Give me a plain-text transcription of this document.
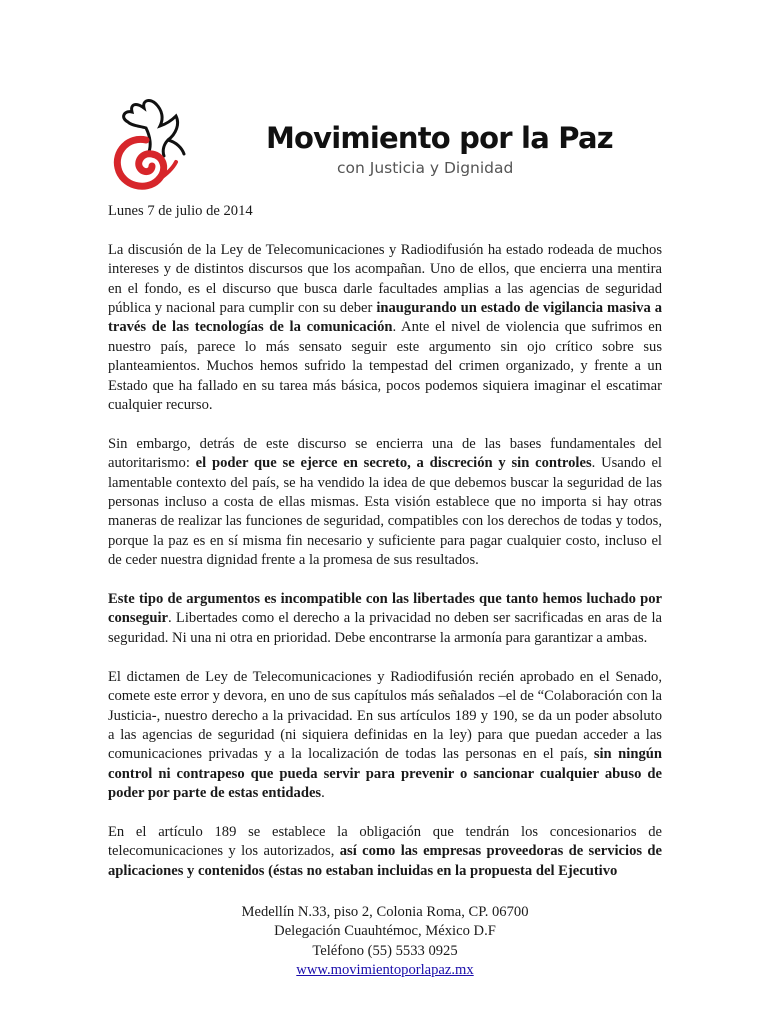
Movimiento por la Paz

con Justicia y Dignidad

Lunes 7 de julio de 2014

La discusión de la Ley de Telecomunicaciones y Radiodifusión ha estado rodeada de muchos intereses y de distintos discursos que los acompañan. Uno de ellos, que encierra una mentira en el fondo, es el discurso que busca darle facultades amplias a las agencias de seguridad pública y nacional para cumplir con su deber inaugurando un estado de vigilancia masiva a través de las tecnologías de la comunicación. Ante el nivel de violencia que sufrimos en nuestro país, parece lo más sensato seguir este argumento sin ojo crítico sobre sus planteamientos. Muchos hemos sufrido la tempestad del crimen organizado, y frente a un Estado que ha fallado en su tarea más básica, pocos podemos siquiera imaginar el escatimar cualquier recurso.

Sin embargo, detrás de este discurso se encierra una de las bases fundamentales del autoritarismo: el poder que se ejerce en secreto, a discreción y sin controles. Usando el lamentable contexto del país, se ha vendido la idea de que debemos buscar la seguridad de las personas incluso a costa de ellas mismas. Esta visión establece que no importa si hay otras maneras de realizar las funciones de seguridad, compatibles con los derechos de todas y todos, porque la paz es en sí misma fin necesario y suficiente para pagar cualquier costo, incluso el de ceder nuestra dignidad frente a la promesa de sus resultados.

Este tipo de argumentos es incompatible con las libertades que tanto hemos luchado por conseguir. Libertades como el derecho a la privacidad no deben ser sacrificadas en aras de la seguridad. Ni una ni otra en prioridad. Debe encontrarse la armonía para garantizar a ambas.

El dictamen de Ley de Telecomunicaciones y Radiodifusión recién aprobado en el Senado, comete este error y devora, en uno de sus capítulos más señalados –el de “Colaboración con la Justicia-, nuestro derecho a la privacidad. En sus artículos 189 y 190, se da un poder absoluto a las agencias de seguridad (ni siquiera definidas en la ley) para que puedan acceder a las comunicaciones privadas y a la localización de todas las personas en el país, sin ningún control ni contrapeso que pueda servir para prevenir o sancionar cualquier abuso de poder por parte de estas entidades.

En el artículo 189 se establece la obligación que tendrán los concesionarios de telecomunicaciones y los autorizados, así como las empresas proveedoras de servicios de aplicaciones y contenidos (éstas no estaban incluidas en la propuesta del Ejecutivo

Medellín N.33, piso 2, Colonia Roma, CP. 06700
Delegación Cuauhtémoc, México D.F
Teléfono (55) 5533 0925
www.movimientoporlapaz.mx
